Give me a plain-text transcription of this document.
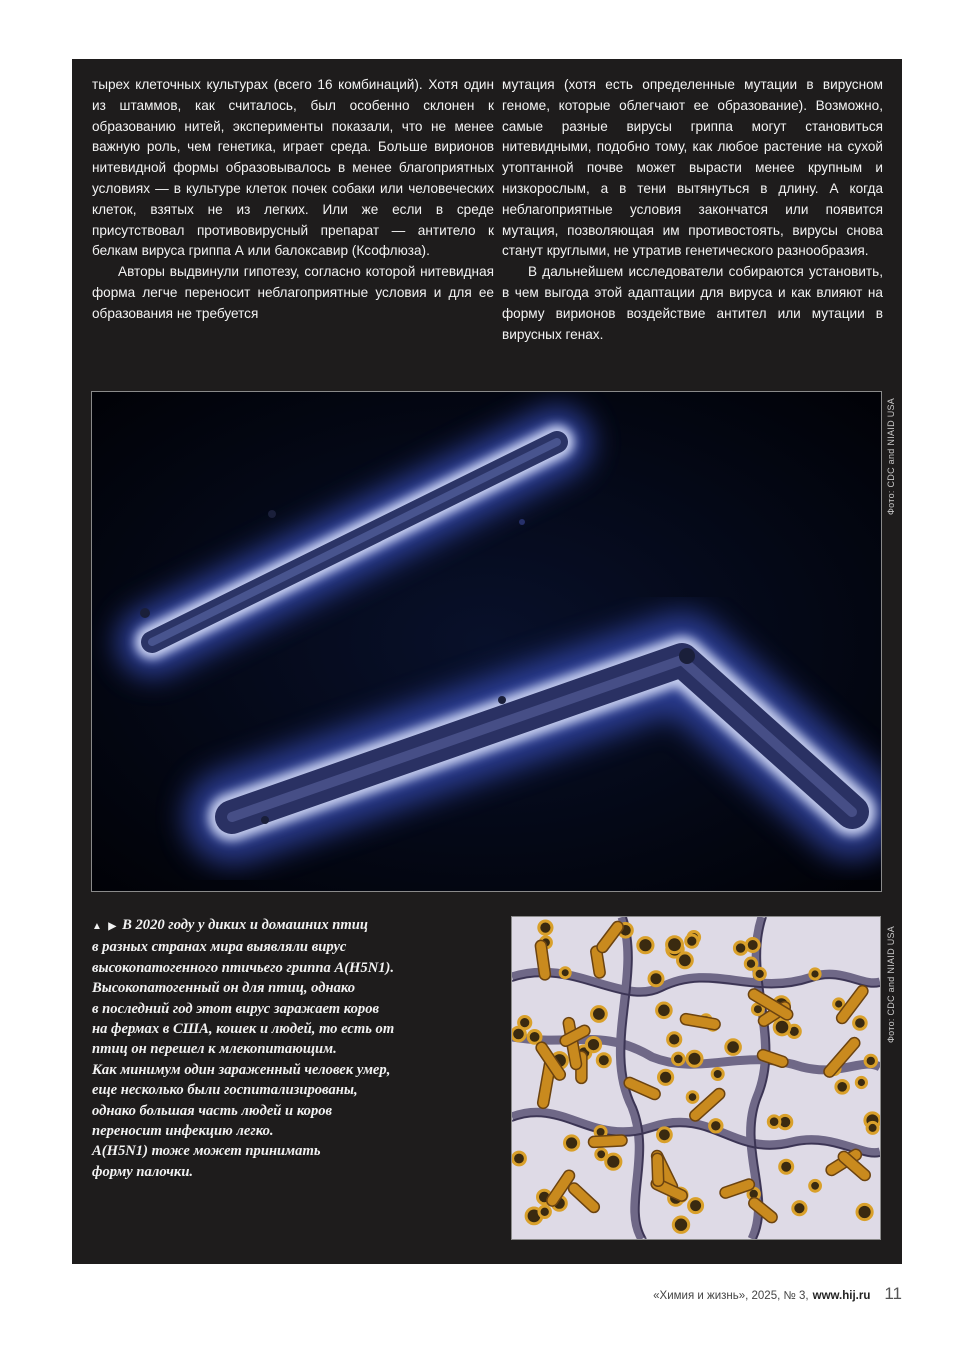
тырех клеточных культурах (всего 16 комбинаций). Хотя один из штаммов, как считалось, был особенно склонен к образованию нитей, эксперименты показали, что не менее важную роль, чем генетика, играет среда. Больше вирионов нитевидной формы образовывалось в менее благоприятных условиях — в культуре клеток почек собаки или человеческих клеток, взятых не из легких. Или же если в среде присутствовал противовирусный препарат — антитело к белкам вируса гриппа А или балоксавир (Ксофлюза).

Авторы выдвинули гипотезу, согласно которой нитевидная форма легче переносит неблагоприятные условия и для ее образования не требуется

мутация (хотя есть определенные мутации в вирусном геноме, которые облегчают ее образование). Возможно, самые разные вирусы гриппа могут становиться нитевидными, подобно тому, как любое растение на сухой утоптанной почве может вырасти менее крупным и низкорослым, а в тени вытянуться в длину. А когда неблагоприятные условия закончатся или появится мутация, позволяющая им противостоять, вирусы снова станут круглыми, не утратив генетического разнообразия.

В дальнейшем исследователи собираются установить, в чем выгода этой адаптации для вируса и как влияют на форму вирионов воздействие антител или мутации в вирусных генах.

Фото: CDC and NIAID USA
▲ ▶ В 2020 году у диких и домашних птиц
в разных странах мира выявляли вирус
высокопатогенного птичьего гриппа А(H5N1).
Высокопатогенный он для птиц, однако
в последний год этот вирус заражает коров
на фермах в США, кошек и людей, то есть от
птиц он перешел к млекопитающим.
Как минимум один зараженный человек умер,
еще несколько были госпитализированы,
однако большая часть людей и коров
переносит инфекцию легко.
А(H5N1) тоже может принимать
форму палочки.
Фото: CDC and NIAID USA
«Химия и жизнь», 2025, № 3, www.hij.ru 11
